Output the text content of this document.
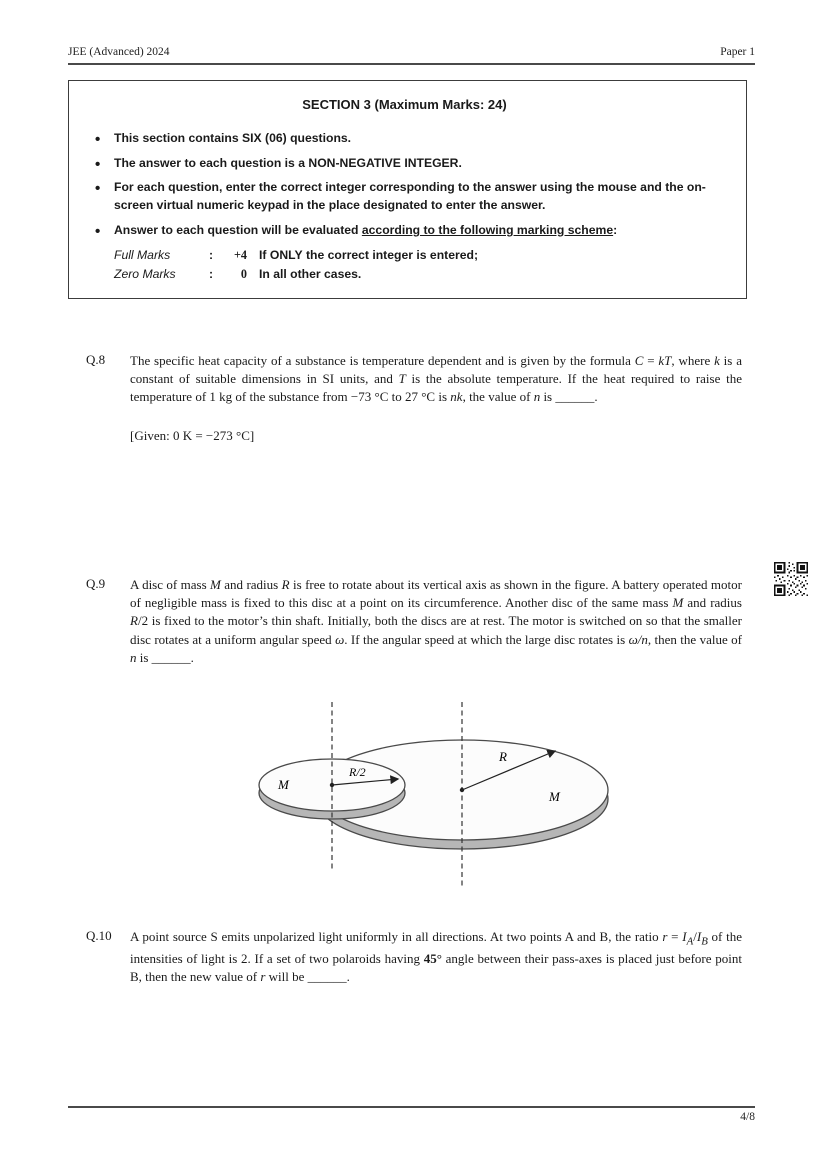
JEE (Advanced) 2024	Paper 1
SECTION 3 (Maximum Marks: 24)
• This section contains SIX (06) questions.
• The answer to each question is a NON-NEGATIVE INTEGER.
• For each question, enter the correct integer corresponding to the answer using the mouse and the on-screen virtual numeric keypad in the place designated to enter the answer.
• Answer to each question will be evaluated according to the following marking scheme:
Full Marks	:	+4 If ONLY the correct integer is entered;
Zero Marks	:	0 In all other cases.
Q.8	The specific heat capacity of a substance is temperature dependent and is given by the formula C = kT, where k is a constant of suitable dimensions in SI units, and T is the absolute temperature. If the heat required to raise the temperature of 1 kg of the substance from −73 °C to 27 °C is nk, the value of n is ______.

[Given: 0 K = −273 °C]

Q.9	A disc of mass M and radius R is free to rotate about its vertical axis as shown in the figure. A battery operated motor of negligible mass is fixed to this disc at a point on its circumference. Another disc of the same mass M and radius R/2 is fixed to the motor’s thin shaft. Initially, both the discs are at rest. The motor is switched on so that the smaller disc rotates at a uniform angular speed ω. If the angular speed at which the large disc rotates is ω/n, then the value of n is ______.

M
R/2
R
M
Q.10	A point source S emits unpolarized light uniformly in all directions. At two points A and B, the ratio $r = I_A/I_B$ of the intensities of light is 2. If a set of two polaroids having 45° angle between their pass-axes is placed just before point B, then the new value of r will be ______.

4/8
